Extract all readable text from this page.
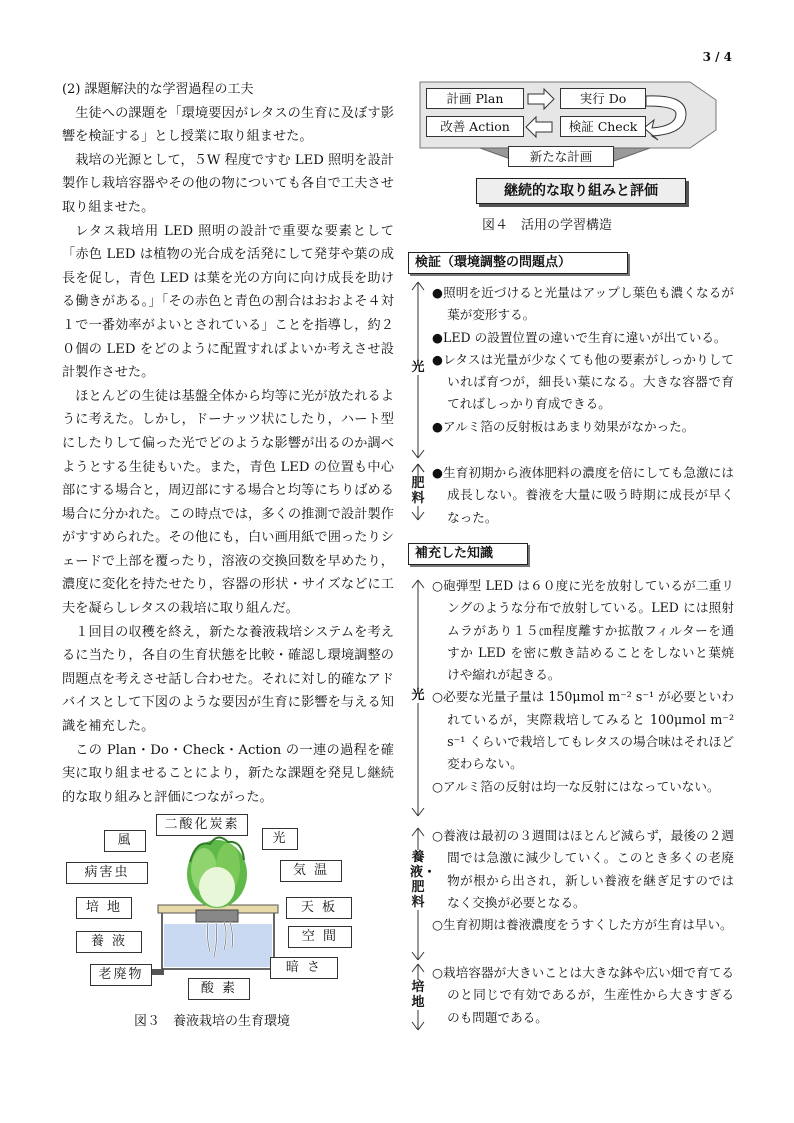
3 / 4

(2) 課題解決的な学習過程の工夫

生徒への課題を「環境要因がレタスの生育に及ぼす影響を検証する」とし授業に取り組ませた。

栽培の光源として，５W 程度ですむ LED 照明を設計製作し栽培容器やその他の物についても各自で工夫させ取り組ませた。

レタス栽培用 LED 照明の設計で重要な要素として「赤色 LED は植物の光合成を活発にして発芽や葉の成長を促し，青色 LED は葉を光の方向に向け成長を助ける働きがある。」「その赤色と青色の割合はおおよそ４対１で一番効率がよいとされている」ことを指導し，約２０個の LED をどのように配置すればよいか考えさせ設計製作させた。

ほとんどの生徒は基盤全体から均等に光が放たれるように考えた。しかし，ドーナッツ状にしたり，ハート型にしたりして偏った光でどのような影響が出るのか調べようとする生徒もいた。また，青色 LED の位置も中心部にする場合と，周辺部にする場合と均等にちりばめる場合に分かれた。この時点では，多くの推測で設計製作がすすめられた。その他にも，白い画用紙で囲ったりシェードで上部を覆ったり，溶液の交換回数を早めたり，濃度に変化を持たせたり，容器の形状・サイズなどに工夫を凝らしレタスの栽培に取り組んだ。

１回目の収穫を終え，新たな養液栽培システムを考えるに当たり，各自の生育状態を比較・確認し環境調整の問題点を考えさせ話し合わせた。それに対し的確なアドバイスとして下図のような要因が生育に影響を与える知識を補充した。

この Plan・Do・Check・Action の一連の過程を確実に取り組ませることにより，新たな課題を発見し継続的な取り組みと評価につながった。

二酸化炭素
風	光
病害虫	気 温
培 地	天 板
養 液	空 間
老廃物	暗 さ
酸 素
図３　養液栽培の生育環境
計画 Plan	実行 Do
改善 Action	検証 Check
新たな計画
継続的な取り組みと評価
図４　活用の学習構造
検証（環境調整の問題点）
光
●照明を近づけると光量はアップし葉色も濃くなるが葉が変形する。
●LED の設置位置の違いで生育に違いが出ている。
●レタスは光量が少なくても他の要素がしっかりしていれば育つが，細長い葉になる。大きな容器で育てればしっかり育成できる。
●アルミ箔の反射板はあまり効果がなかった。
肥料
●生育初期から液体肥料の濃度を倍にしても急激には成長しない。養液を大量に吸う時期に成長が早くなった。
補充した知識
光
○砲弾型 LED は６０度に光を放射しているが二重リングのような分布で放射している。LED には照射ムラがあり１５㎝程度離すか拡散フィルターを通すか LED を密に敷き詰めることをしないと葉焼けや縮れが起きる。
○必要な光量子量は 150μmol m⁻² s⁻¹ が必要といわれているが，実際栽培してみると 100μmol m⁻² s⁻¹ くらいで栽培してもレタスの場合味はそれほど変わらない。
○アルミ箔の反射は均一な反射にはなっていない。
養液・肥料
○養液は最初の３週間はほとんど減らず，最後の２週間では急激に減少していく。このとき多くの老廃物が根から出され，新しい養液を継ぎ足すのではなく交換が必要となる。
○生育初期は養液濃度をうすくした方が生育は早い。
培地
○栽培容器が大きいことは大きな鉢や広い畑で育てるのと同じで有効であるが，生産性から大きすぎるのも問題である。
